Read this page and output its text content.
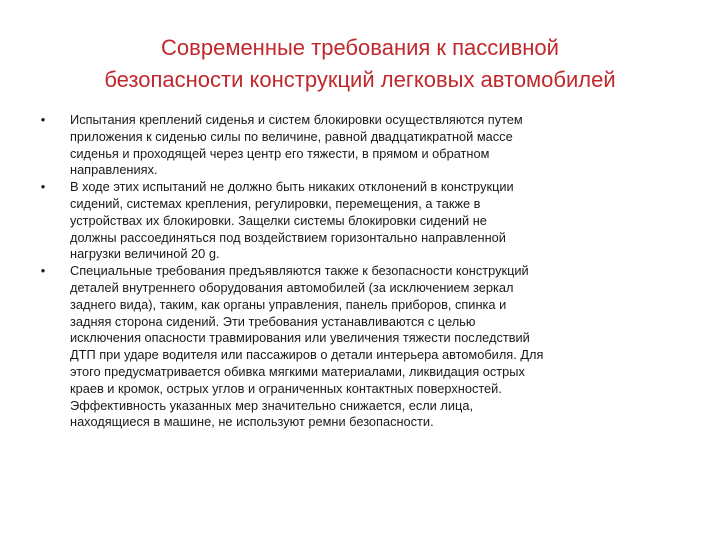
Современные требования к пассивной
безопасности конструкций легковых автомобилей
•	Испытания креплений сиденья и систем блокировки осуществляются путем
приложения к сиденью силы по величине, равной двадцатикратной массе
сиденья и проходящей через центр его тяжести, в прямом и обратном
направлениях.
•	В ходе этих испытаний не должно быть никаких отклонений в конструкции
сидений, системах крепления, регулировки, перемещения, а также в
устройствах их блокировки. Защелки системы блокировки сидений не
должны рассоединяться под воздействием горизонтально направленной
нагрузки величиной 20 g.
•	Специальные требования предъявляются также к безопасности конструкций
деталей внутреннего оборудования автомобилей (за исключением зеркал
заднего вида), таким, как органы управления, панель приборов, спинка и
задняя сторона сидений. Эти требования устанавливаются с целью
исключения опасности травмирования или увеличения тяжести последствий
ДТП при ударе водителя или пассажиров о детали интерьера автомобиля. Для
этого предусматривается обивка мягкими материалами, ликвидация острых
краев и кромок, острых углов и ограниченных контактных поверхностей.
Эффективность указанных мер значительно снижается, если лица,
находящиеся в машине, не используют ремни безопасности.
